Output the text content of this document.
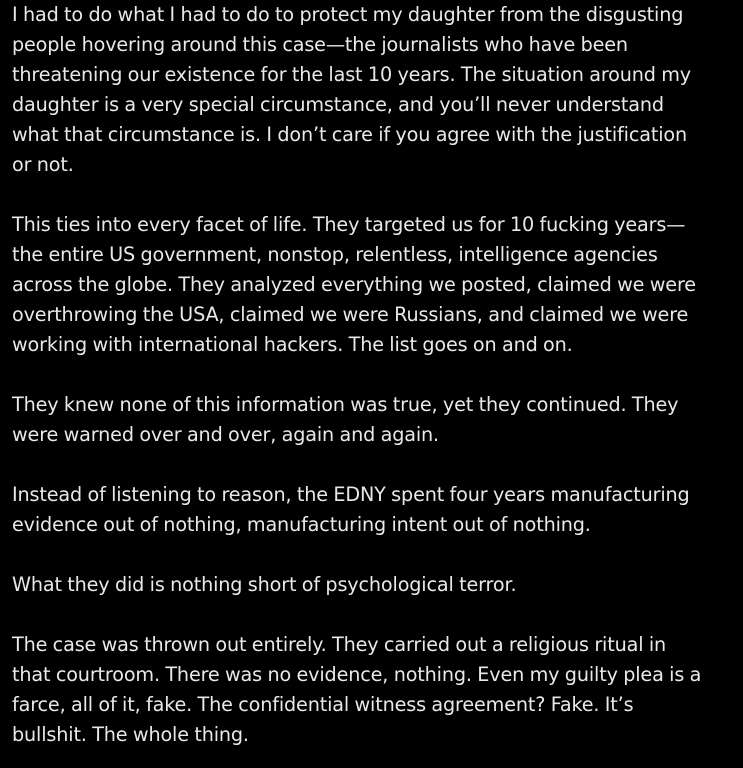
I had to do what I had to do to protect my daughter from the disgusting
people hovering around this case—the journalists who have been
threatening our existence for the last 10 years. The situation around my
daughter is a very special circumstance, and you’ll never understand
what that circumstance is. I don’t care if you agree with the justification
or not.

This ties into every facet of life. They targeted us for 10 fucking years—
the entire US government, nonstop, relentless, intelligence agencies
across the globe. They analyzed everything we posted, claimed we were
overthrowing the USA, claimed we were Russians, and claimed we were
working with international hackers. The list goes on and on.

They knew none of this information was true, yet they continued. They
were warned over and over, again and again.

Instead of listening to reason, the EDNY spent four years manufacturing
evidence out of nothing, manufacturing intent out of nothing.

What they did is nothing short of psychological terror.

The case was thrown out entirely. They carried out a religious ritual in
that courtroom. There was no evidence, nothing. Even my guilty plea is a
farce, all of it, fake. The confidential witness agreement? Fake. It’s
bullshit. The whole thing.
